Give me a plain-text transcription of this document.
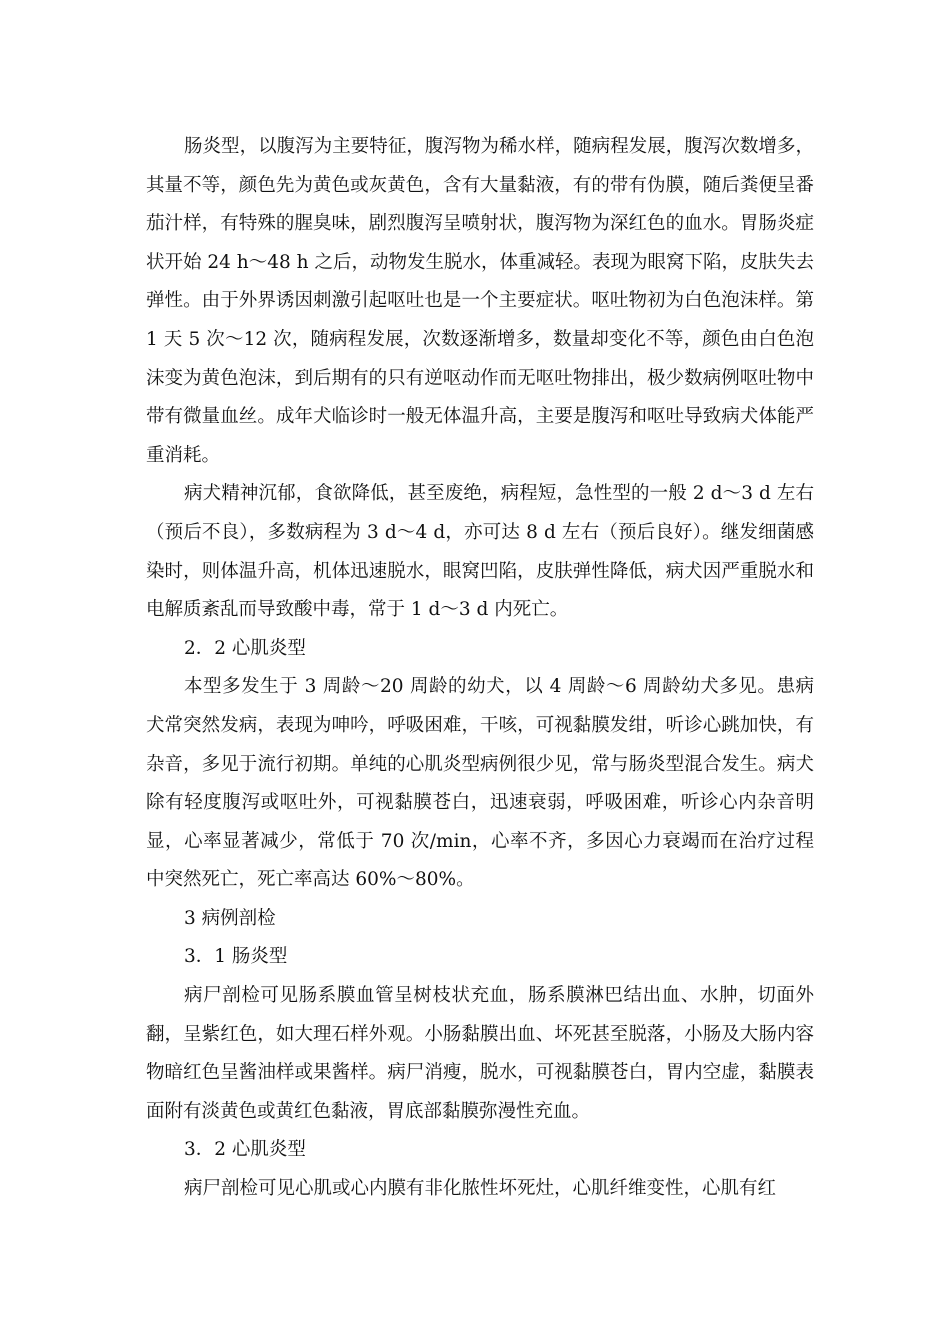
肠炎型，以腹泻为主要特征，腹泻物为稀水样，随病程发展，腹泻次数增多，其量不等，颜色先为黄色或灰黄色，含有大量黏液，有的带有伪膜，随后粪便呈番茄汁样，有特殊的腥臭味，剧烈腹泻呈喷射状，腹泻物为深红色的血水。胃肠炎症状开始 24 h～48 h 之后，动物发生脱水，体重减轻。表现为眼窝下陷，皮肤失去弹性。由于外界诱因刺激引起呕吐也是一个主要症状。呕吐物初为白色泡沫样。第 1 天 5 次～12 次，随病程发展，次数逐渐增多，数量却变化不等，颜色由白色泡沫变为黄色泡沫，到后期有的只有逆呕动作而无呕吐物排出，极少数病例呕吐物中带有微量血丝。成年犬临诊时一般无体温升高，主要是腹泻和呕吐导致病犬体能严重消耗。

病犬精神沉郁，食欲降低，甚至废绝，病程短，急性型的一般 2 d～3 d 左右（预后不良），多数病程为 3 d～4 d，亦可达 8 d 左右（预后良好）。继发细菌感染时，则体温升高，机体迅速脱水，眼窝凹陷，皮肤弹性降低，病犬因严重脱水和电解质紊乱而导致酸中毒，常于 1 d～3 d 内死亡。

2．2 心肌炎型

本型多发生于 3 周龄～20 周龄的幼犬，以 4 周龄～6 周龄幼犬多见。患病犬常突然发病，表现为呻吟，呼吸困难，干咳，可视黏膜发绀，听诊心跳加快，有杂音，多见于流行初期。单纯的心肌炎型病例很少见，常与肠炎型混合发生。病犬除有轻度腹泻或呕吐外，可视黏膜苍白，迅速衰弱，呼吸困难，听诊心内杂音明显，心率显著减少，常低于 70 次/min，心率不齐，多因心力衰竭而在治疗过程中突然死亡，死亡率高达 60%～80%。

3 病例剖检

3．1 肠炎型

病尸剖检可见肠系膜血管呈树枝状充血，肠系膜淋巴结出血、水肿，切面外翻，呈紫红色，如大理石样外观。小肠黏膜出血、坏死甚至脱落，小肠及大肠内容物暗红色呈酱油样或果酱样。病尸消瘦，脱水，可视黏膜苍白，胃内空虚，黏膜表面附有淡黄色或黄红色黏液，胃底部黏膜弥漫性充血。

3．2 心肌炎型

病尸剖检可见心肌或心内膜有非化脓性坏死灶，心肌纤维变性，心肌有红
